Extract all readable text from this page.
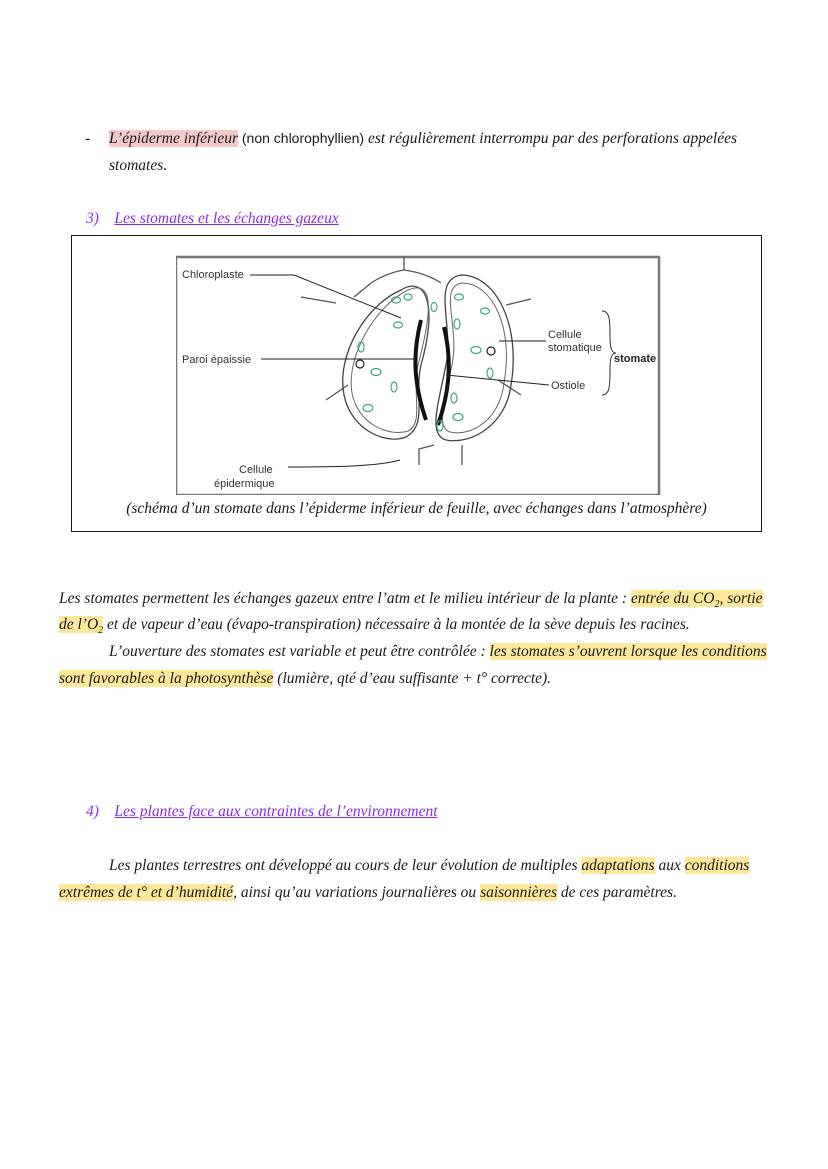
- L’épiderme inférieur (non chlorophyllien) est régulièrement interrompu par des perforations appelées
stomates.
3) Les stomates et les échanges gazeux
Chloroplaste
Paroi épaissie
Cellule
épidermique
Cellule
stomatique
stomate
Ostiole
(schéma d’un stomate dans l’épiderme inférieur de feuille, avec échanges dans l’atmosphère)
Les stomates permettent les échanges gazeux entre l’atm et le milieu intérieur de la plante : entrée du $CO_2$, sortie
de $l’O_2$ et de vapeur d’eau (évapo-transpiration) nécessaire à la montée de la sève depuis les racines.
L’ouverture des stomates est variable et peut être contrôlée : les stomates s’ouvrent lorsque les conditions
sont favorables à la photosynthèse (lumière, qté d’eau suffisante + t° correcte).
4) Les plantes face aux contraintes de l’environnement
Les plantes terrestres ont développé au cours de leur évolution de multiples adaptations aux conditions
extrêmes de t° et d’humidité, ainsi qu’au variations journalières ou saisonnières de ces paramètres.
